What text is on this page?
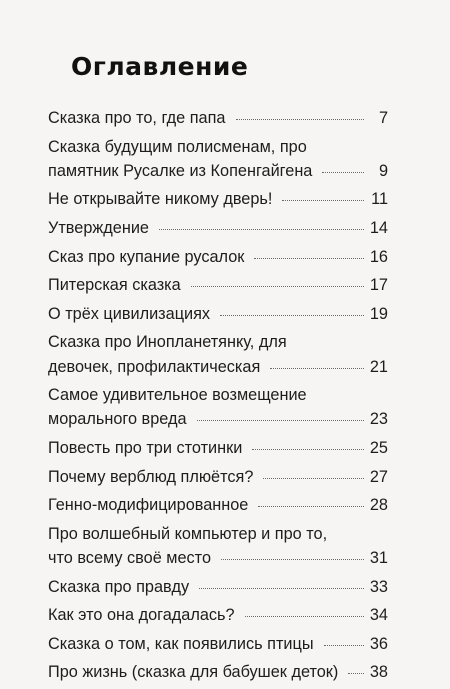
Оглавление
Сказка про то, где папа	7
Сказка будущим полисменам, про
памятник Русалке из Копенгайгена	9
Не открывайте никому дверь!	11
Утверждение	14
Сказ про купание русалок	16
Питерская сказка	17
О трёх цивилизациях	19
Сказка про Инопланетянку, для
девочек, профилактическая	21
Самое удивительное возмещение
морального вреда	23
Повесть про три стотинки	25
Почему верблюд плюётся?	27
Генно-модифицированное	28
Про волшебный компьютер и про то,
что всему своё место	31
Сказка про правду	33
Как это она догадалась?	34
Сказка о том, как появились птицы	36
Про жизнь (сказка для бабушек деток) 38
